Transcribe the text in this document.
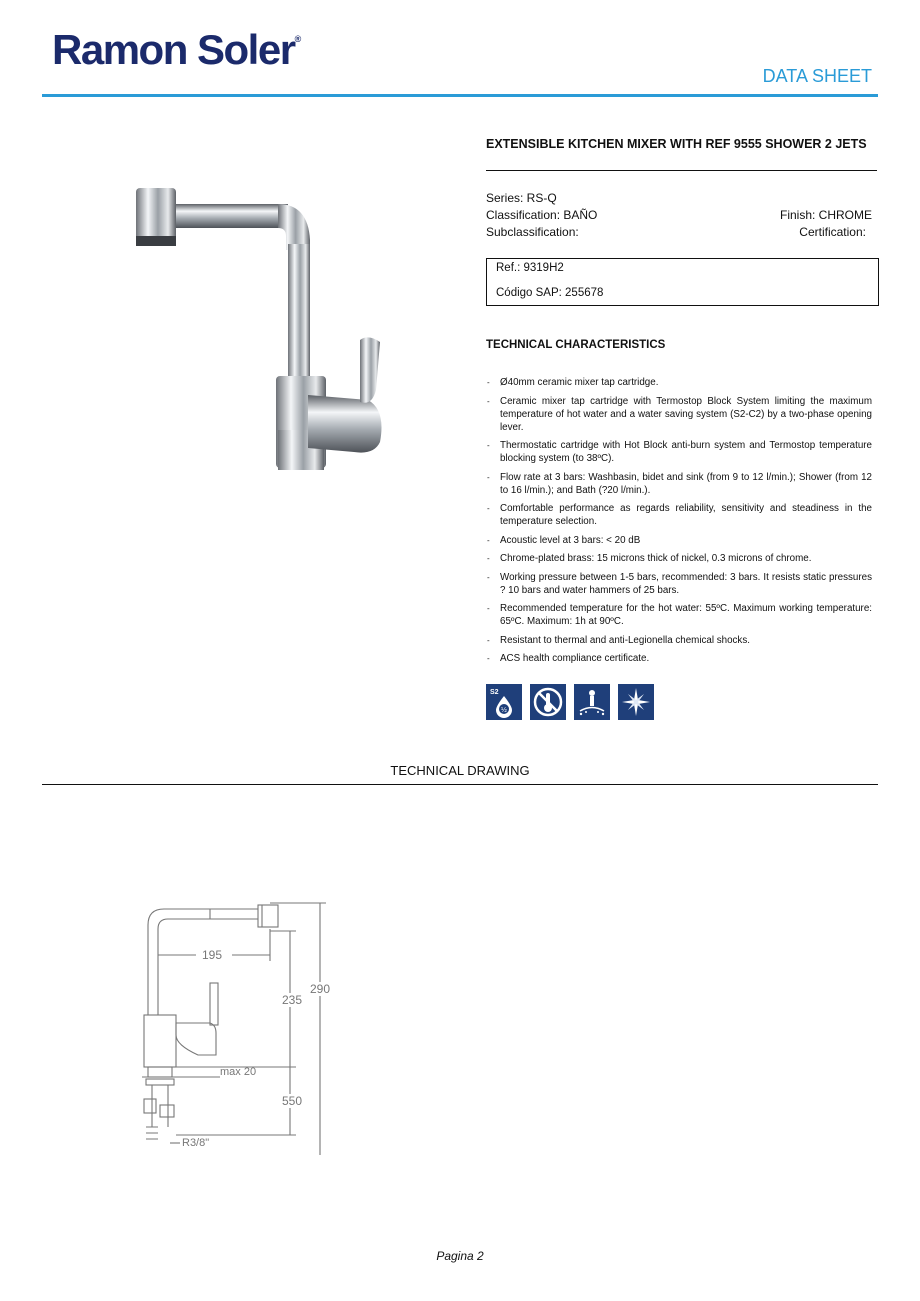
Ramon Soler®
DATA SHEET
EXTENSIBLE KITCHEN MIXER WITH REF 9555 SHOWER 2 JETS
Series: RS-Q
Classification: BAÑO	Finish: CHROME
Subclassification:	Certification:
Ref.: 9319H2
Código SAP: 255678
TECHNICAL CHARACTERISTICS
- Ø40mm ceramic mixer tap cartridge.
- Ceramic mixer tap cartridge with Termostop Block System limiting the maximum temperature of hot water and a water saving system (S2-C2) by a two-phase opening lever.
- Thermostatic cartridge with Hot Block anti-burn system and Termostop temperature blocking system (to 38ºC).
- Flow rate at 3 bars: Washbasin, bidet and sink (from 9 to 12 l/min.); Shower (from 12 to 16 l/min.); and Bath (?20 l/min.).
- Comfortable performance as regards reliability, sensitivity and steadiness in the temperature selection.
- Acoustic level at 3 bars: < 20 dB
- Chrome-plated brass: 15 microns thick of nickel, 0.3 microns of chrome.
- Working pressure between 1-5 bars, recommended: 3 bars. It resists static pressures ? 10 bars and water hammers of 25 bars.
- Recommended temperature for the hot water: 55ºC. Maximum working temperature: 65ºC. Maximum: 1h at 90ºC.
- Resistant to thermal and anti-Legionella chemical shocks.
- ACS health compliance certificate.
S2
½
TECHNICAL DRAWING
195
235
290
max 20
550
R3/8"
Pagina 2
